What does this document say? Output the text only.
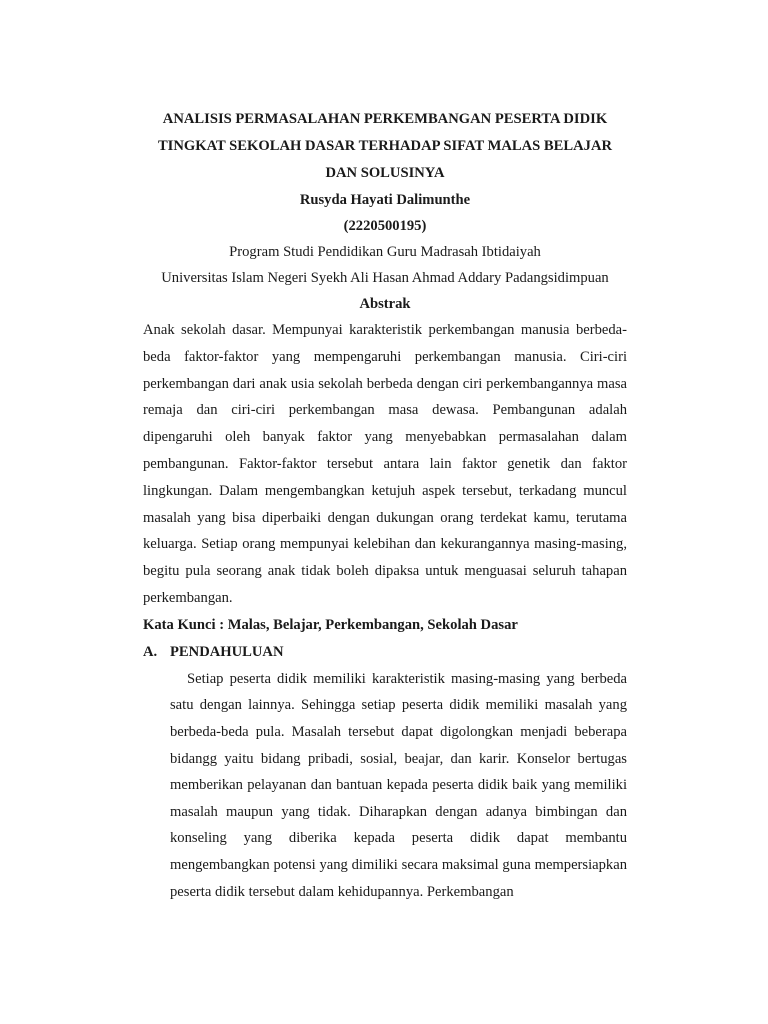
ANALISIS PERMASALAHAN PERKEMBANGAN PESERTA DIDIK
TINGKAT SEKOLAH DASAR TERHADAP SIFAT MALAS BELAJAR
DAN SOLUSINYA
Rusyda Hayati Dalimunthe
(2220500195)
Program Studi Pendidikan Guru Madrasah Ibtidaiyah
Universitas Islam Negeri Syekh Ali Hasan Ahmad Addary Padangsidimpuan
Abstrak

Anak sekolah dasar. Mempunyai karakteristik perkembangan manusia berbeda-beda faktor-faktor yang mempengaruhi perkembangan manusia. Ciri-ciri perkembangan dari anak usia sekolah berbeda dengan ciri perkembangannya masa remaja dan ciri-ciri perkembangan masa dewasa. Pembangunan adalah dipengaruhi oleh banyak faktor yang menyebabkan permasalahan dalam pembangunan. Faktor-faktor tersebut antara lain faktor genetik dan faktor lingkungan. Dalam mengembangkan ketujuh aspek tersebut, terkadang muncul masalah yang bisa diperbaiki dengan dukungan orang terdekat kamu, terutama keluarga. Setiap orang mempunyai kelebihan dan kekurangannya masing-masing, begitu pula seorang anak tidak boleh dipaksa untuk menguasai seluruh tahapan perkembangan.

Kata Kunci : Malas, Belajar, Perkembangan, Sekolah Dasar

A. PENDAHULUAN

Setiap peserta didik memiliki karakteristik masing-masing yang berbeda satu dengan lainnya. Sehingga setiap peserta didik memiliki masalah yang berbeda-beda pula. Masalah tersebut dapat digolongkan menjadi beberapa bidangg yaitu bidang pribadi, sosial, beajar, dan karir. Konselor bertugas memberikan pelayanan dan bantuan kepada peserta didik baik yang memiliki masalah maupun yang tidak. Diharapkan dengan adanya bimbingan dan konseling yang diberika kepada peserta didik dapat membantu mengembangkan potensi yang dimiliki secara maksimal guna mempersiapkan peserta didik tersebut dalam kehidupannya. Perkembangan
